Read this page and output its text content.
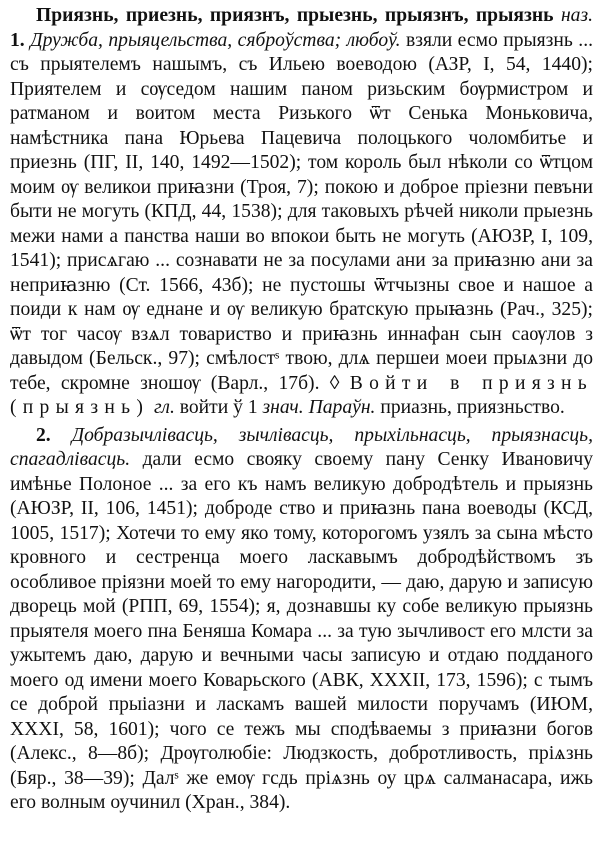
Приязнь, приезнь, приязнъ, прыезнь, прыязнъ, прыязнь наз. 1. Дружба, прыяцельства, сяброўства; любоў. взяли есмо прыязнь ... съ прыятелемъ нашымъ, съ Ильею воеводою (АЗР, I, 54, 1440); Приятелем и сѹседом нашим паном ризьским бѹрмистром и ратманом и воитом места Ризького ѿт Сенька Моньковича, намѣстника пана Юрьева Пацевича полоцького чоломбитье и приезнь (ПГ, II, 140, 1492—1502); том король был нѣколи со ѿтцом моим ѹ великои приꙗзни (Троя, 7); покою и доброе прiезни певъни быти не могуть (КПД, 44, 1538); для таковыхъ рѣчей николи прыезнь межи нами а панства наши во впокои быть не могуть (АЮЗР, I, 109, 1541); присѧгаю ... сознавати не за посулами ани за приꙗзню ани за неприꙗзню (Ст. 1566, 43б); не пустошы ѿтчызны свое и нашое а поиди к нам ѹ еднане и ѹ великую братскую прыꙗзнь (Рач., 325); ѿт тог часѹ взѧл товариство и приꙗзнь иннафан сын саѹлов з давыдом (Бельск., 97); смѣлостˢ твою, длѧ першеи моеи прыѧзни до тебе, скромне зношѹ (Варл., 17б). ◊ Войти в приязнь (прыязнь) гл. войти ў 1 знач. Параўн. приазнь, приязньство.

2. Добразычлівасць, зычлівасць, прыхільнасць, прыязнасць, спагадлівасць. дали есмо свояку своему пану Сенку Ивановичу имѣнье Полоное ... за его къ намъ великую добродѣтель и прыязнь (АЮЗР, II, 106, 1451); доброде ствo и приꙗзнь пана воеводы (КСД, 1005, 1517); Хотечи то ему яко тому, которогомъ узялъ за сына мѣсто кровного и сестренца моего ласкавымъ добродѣйствомъ зъ особливое прiязни моей то ему нагородити, — даю, дарую и записую дворець мой (РПП, 69, 1554); я, дознавшы ку собе великую прыязнь прыятеля моего пна Беняша Комара ... за тую зычливост его млсти за ужытемъ даю, дарую и вечными часы записую и отдаю подданого моего од имени моего Коварьского (АВК, XXXII, 173, 1596); с тымъ се доброй прыiазни и ласкамъ вашей милости поручамъ (ИЮМ, XXXI, 58, 1601); чого се тежъ мы сподѣваемы з приꙗзни богов (Алекс., 8—8б); Дрѹголюбiе: Людзкость, добротливость, прiѧзнь (Бяр., 38—39); Далˢ же емѹ гсдь прiѧзнь оу црѧ салманасара, ижь его волным оучинил (Хран., 384).
